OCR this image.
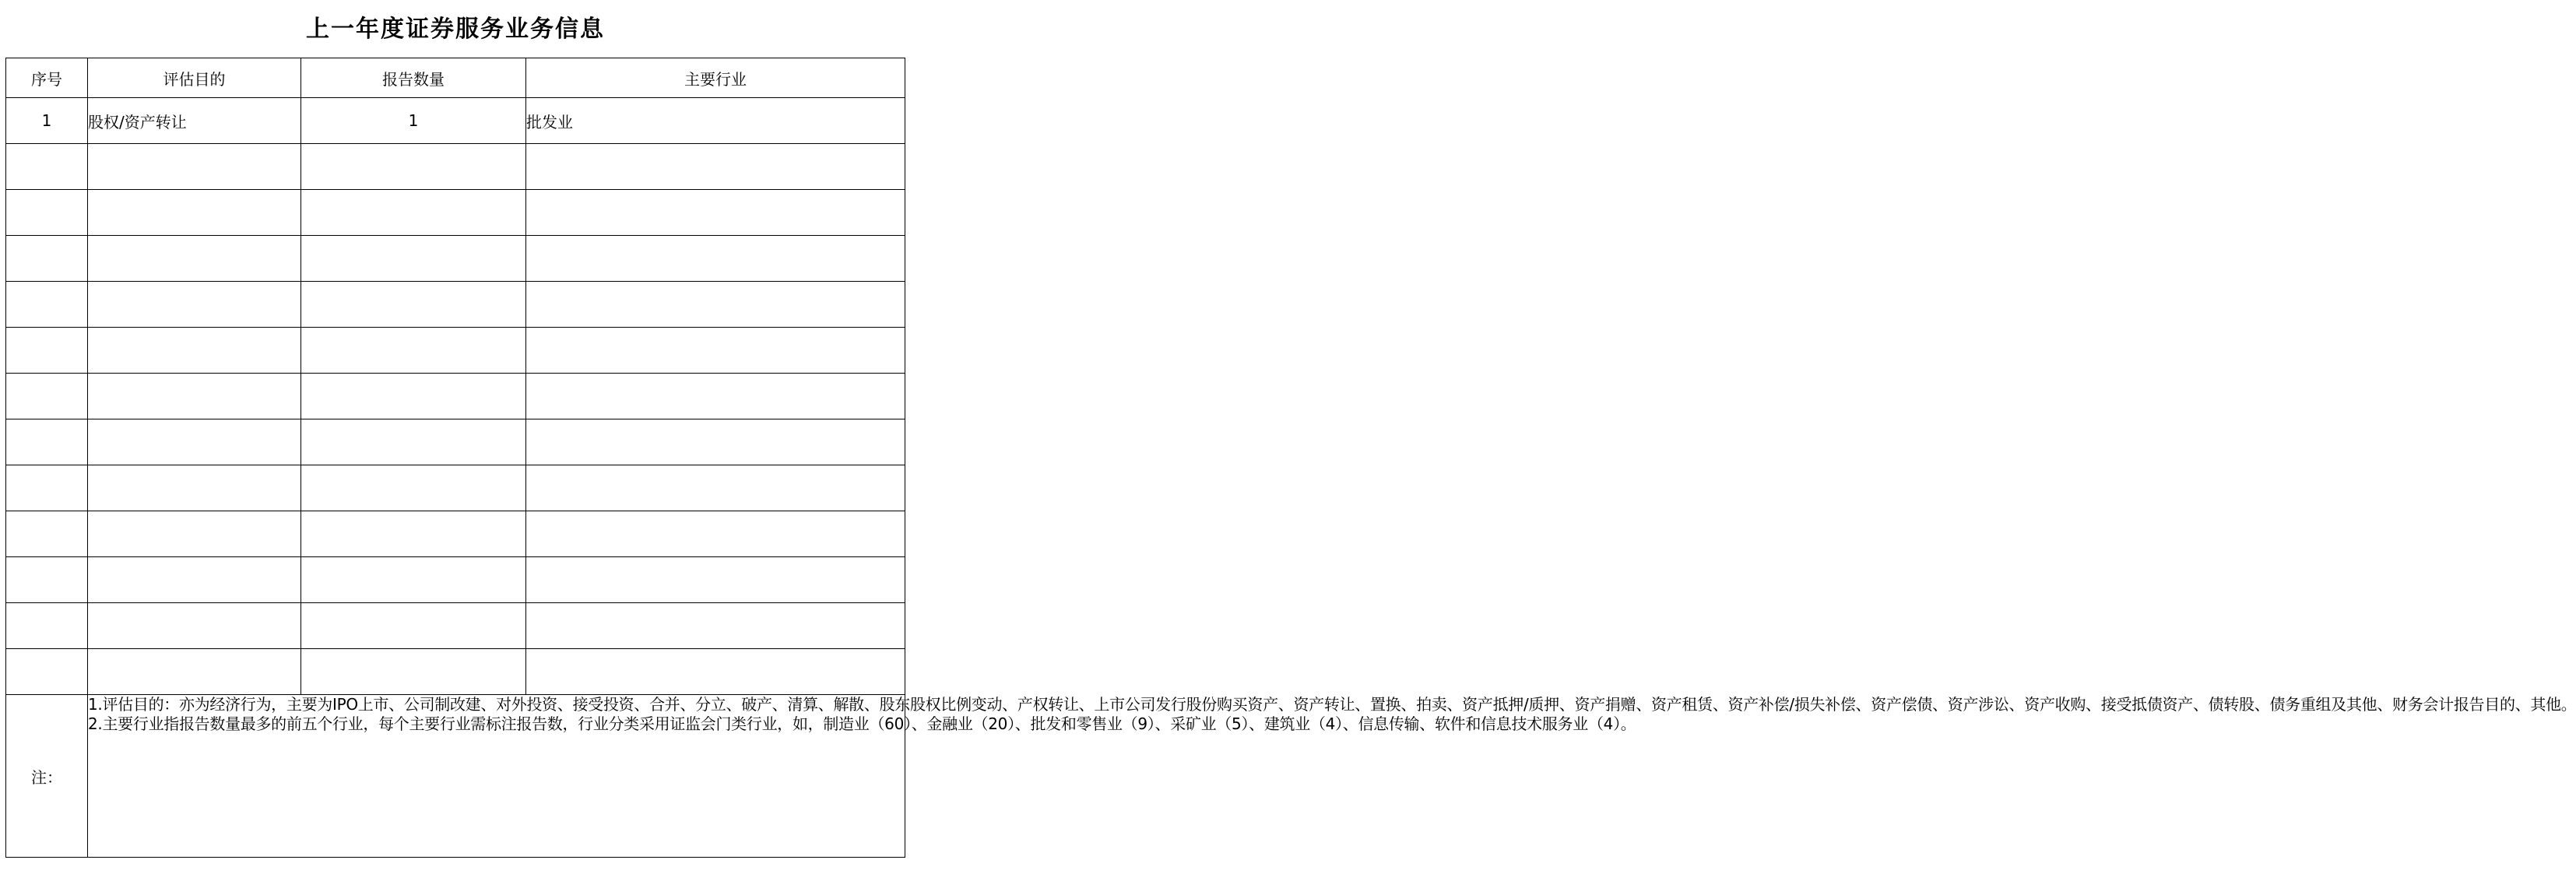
上一年度证券服务业务信息
序号	评估目的	报告数量	主要行业
1	股权/资产转让	1	批发业

注：	1.评估目的：亦为经济行为，主要为IPO上市、公司制改建、对外投资、接受投资、合并、分立、破产、清算、解散、股东股权比例变动、产权转让、上市公司发行股份购买资产、资产转让、置换、拍卖、资产抵押/质押、资产捐赠、资产租赁、资产补偿/损失补偿、资产偿债、资产涉讼、资产收购、接受抵债资产、债转股、债务重组及其他、财务会计报告目的、其他。
2.主要行业指报告数量最多的前五个行业，每个主要行业需标注报告数，行业分类采用证监会门类行业，如，制造业（60）、金融业（20）、批发和零售业（9）、采矿业（5）、建筑业（4）、信息传输、软件和信息技术服务业（4）。		
